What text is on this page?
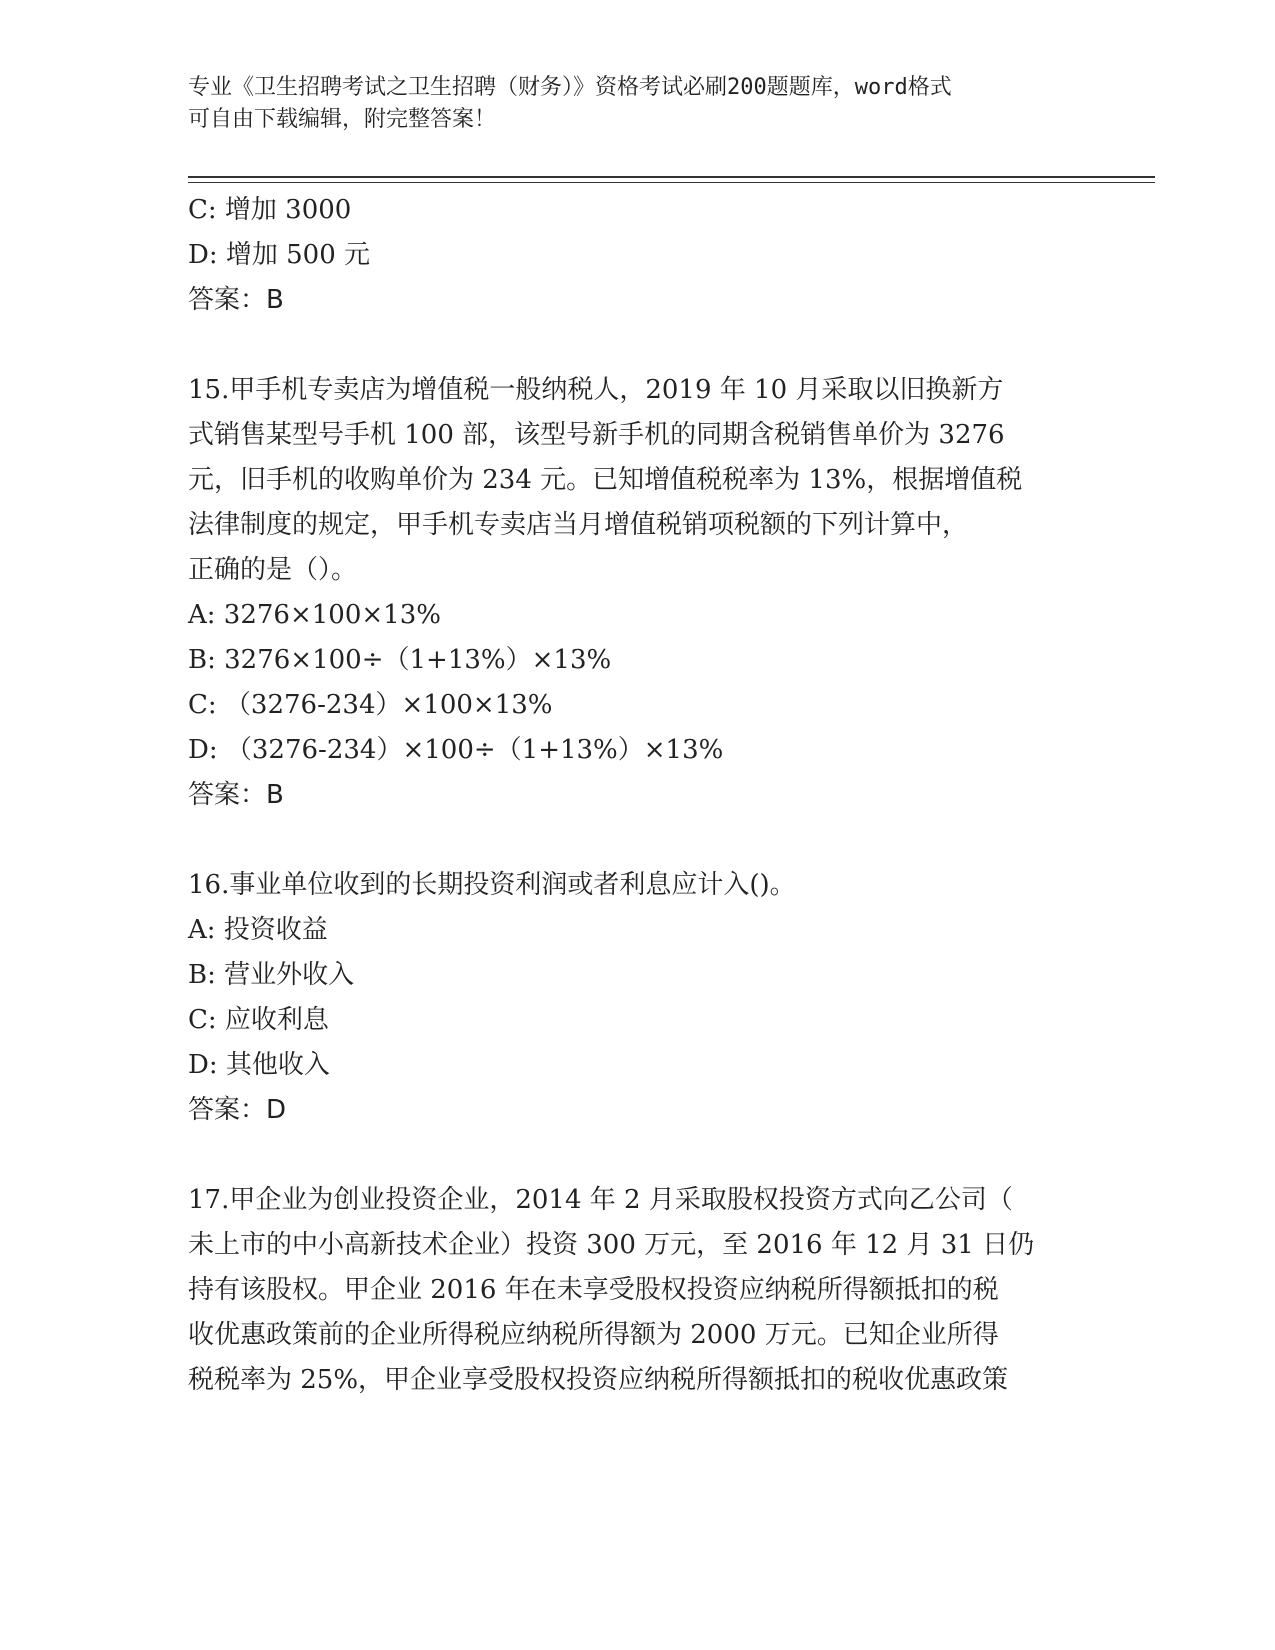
专业《卫生招聘考试之卫生招聘（财务）》资格考试必刷200题题库，word格式
可自由下载编辑，附完整答案！
C: 增加 3000
D: 增加 500 元
答案：B
15.甲手机专卖店为增值税一般纳税人，2019 年 10 月采取以旧换新方
式销售某型号手机 100 部，该型号新手机的同期含税销售单价为 3276
元，旧手机的收购单价为 234 元。已知增值税税率为 13%，根据增值税
法律制度的规定，甲手机专卖店当月增值税销项税额的下列计算中，
正确的是（）。
A: 3276×100×13%
B: 3276×100÷（1+13%）×13%
C: （3276-234）×100×13%
D: （3276-234）×100÷（1+13%）×13%
答案：B
16.事业单位收到的长期投资利润或者利息应计入()。
A: 投资收益
B: 营业外收入
C: 应收利息
D: 其他收入
答案：D
17.甲企业为创业投资企业，2014 年 2 月采取股权投资方式向乙公司（
未上市的中小高新技术企业）投资 300 万元，至 2016 年 12 月 31 日仍
持有该股权。甲企业 2016 年在未享受股权投资应纳税所得额抵扣的税
收优惠政策前的企业所得税应纳税所得额为 2000 万元。已知企业所得
税税率为 25%，甲企业享受股权投资应纳税所得额抵扣的税收优惠政策
